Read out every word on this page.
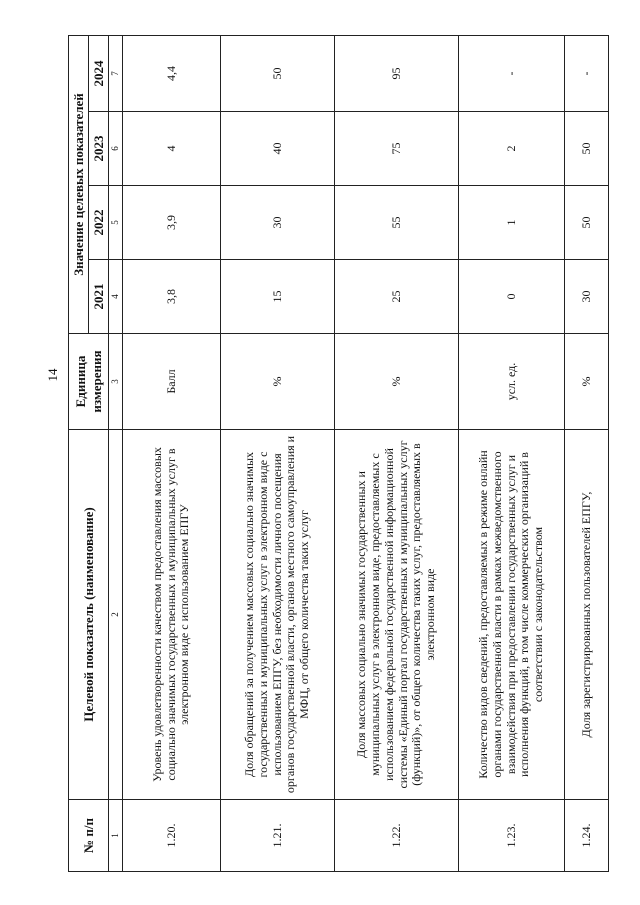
14
№ п/п	Целевой показатель (наименование)	Единица измерения	Значение целевых показателей			
			2021	2022	2023	2024
1	2	3	4	5	6	7
1.20.	Уровень удовлетворенности качеством предоставления массовых социально значимых государственных и муниципальных услуг в электронном виде с использованием ЕПГУ	Балл	3,8	3,9	4	4,4
1.21.	Доля обращений за получением массовых социально значимых государственных и муниципальных услуг в электронном виде с использованием ЕПГУ, без необходимости личного посещения органов государственной власти, органов местного самоуправления и МФЦ, от общего количества таких услуг	%	15	30	40	50
1.22.	Доля массовых социально значимых государственных и муниципальных услуг в электронном виде, предоставляемых с использованием федеральной государственной информационной системы «Единый портал государственных и муниципальных услуг (функций)», от общего количества таких услуг, предоставляемых в электронном виде	%	25	55	75	95
1.23.	Количество видов сведений, предоставляемых в режиме онлайн органами государственной власти в рамках межведомственного взаимодействия при предоставлении государственных услуг и исполнения функций, в том числе коммерческих организаций в соответствии с законодательством	усл. ед.	0	1	2	-
1.24.	Доля зарегистрированных пользователей ЕПГУ,	%	30	50	50	-
